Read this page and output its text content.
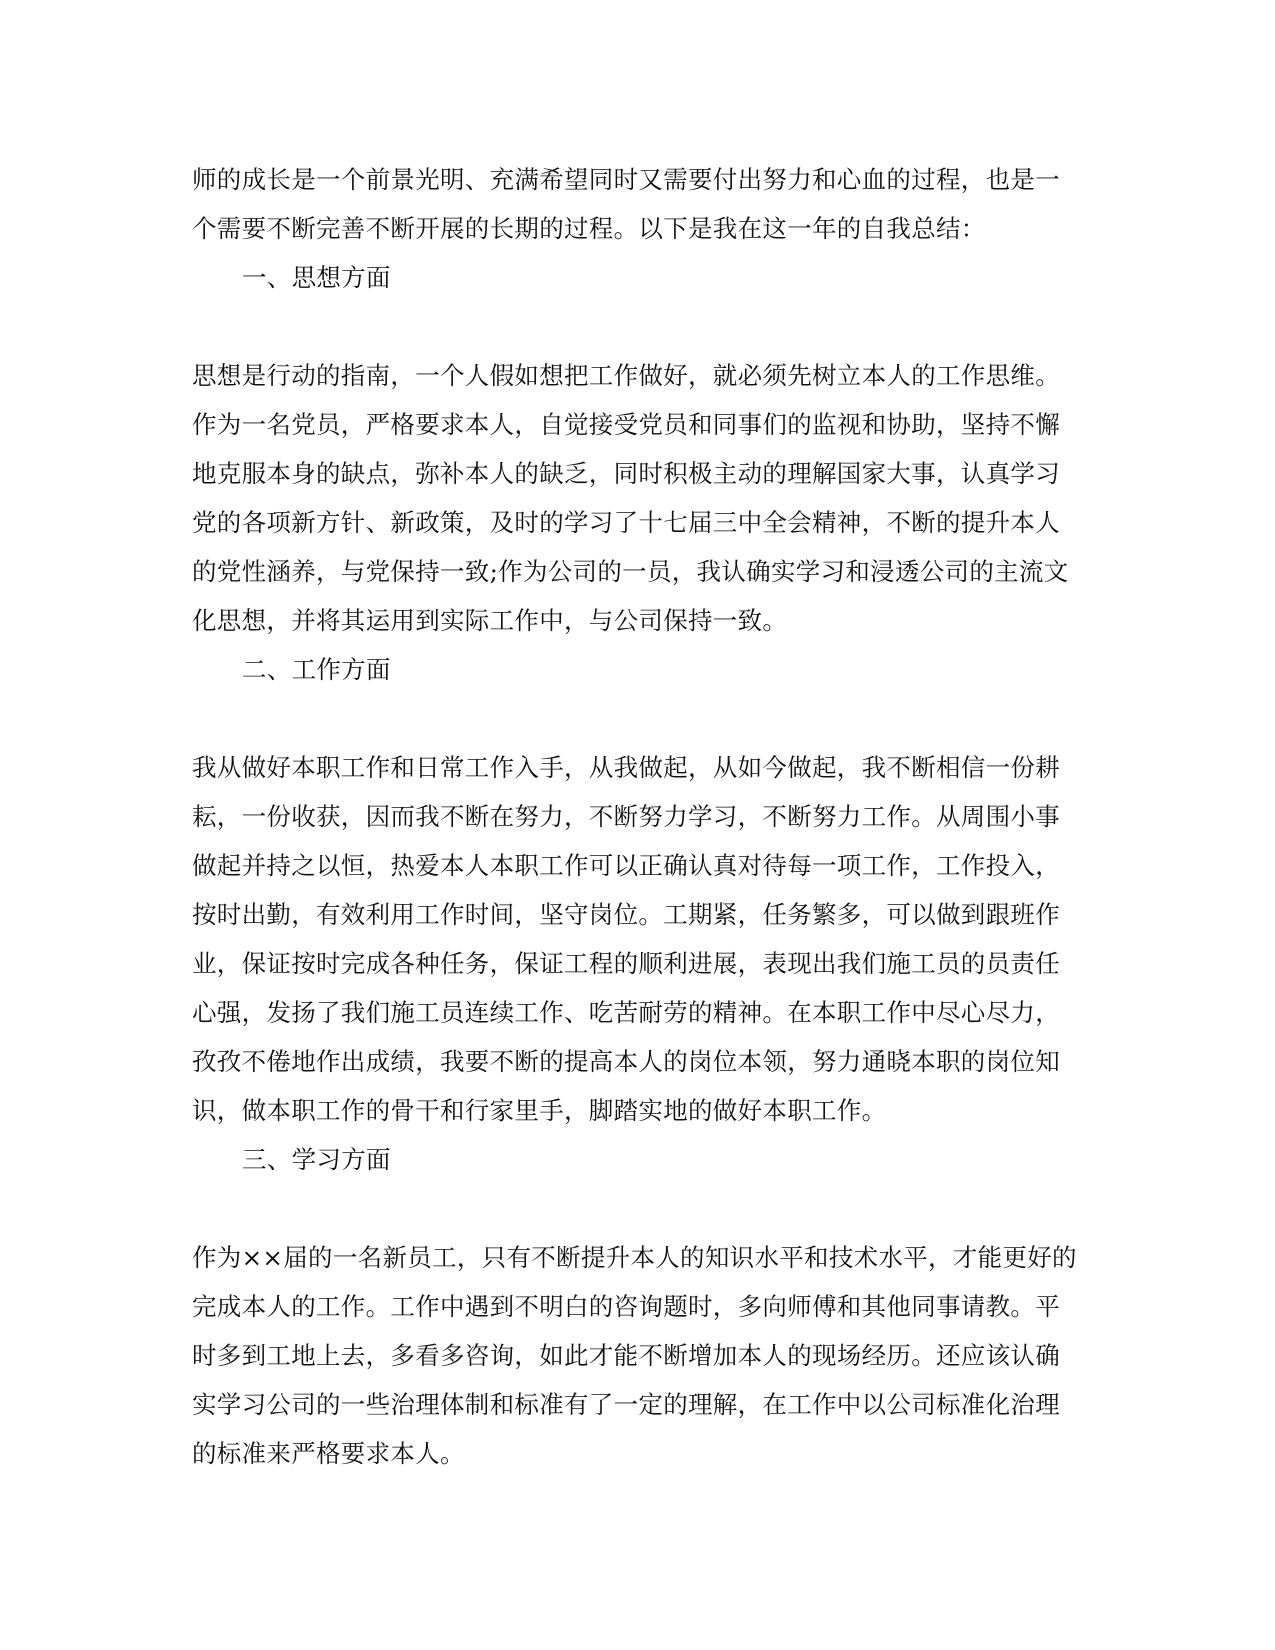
师的成长是一个前景光明、充满希望同时又需要付出努力和心血的过程，也是一
个需要不断完善不断开展的长期的过程。以下是我在这一年的自我总结：
一、思想方面
思想是行动的指南，一个人假如想把工作做好，就必须先树立本人的工作思维。
作为一名党员，严格要求本人，自觉接受党员和同事们的监视和协助，坚持不懈
地克服本身的缺点，弥补本人的缺乏，同时积极主动的理解国家大事，认真学习
党的各项新方针、新政策，及时的学习了十七届三中全会精神，不断的提升本人
的党性涵养，与党保持一致;作为公司的一员，我认确实学习和浸透公司的主流文
化思想，并将其运用到实际工作中，与公司保持一致。
二、工作方面
我从做好本职工作和日常工作入手，从我做起，从如今做起，我不断相信一份耕
耘，一份收获，因而我不断在努力，不断努力学习，不断努力工作。从周围小事
做起并持之以恒，热爱本人本职工作可以正确认真对待每一项工作，工作投入，
按时出勤，有效利用工作时间，坚守岗位。工期紧，任务繁多，可以做到跟班作
业，保证按时完成各种任务，保证工程的顺利进展，表现出我们施工员的员责任
心强，发扬了我们施工员连续工作、吃苦耐劳的精神。在本职工作中尽心尽力，
孜孜不倦地作出成绩，我要不断的提高本人的岗位本领，努力通晓本职的岗位知
识，做本职工作的骨干和行家里手，脚踏实地的做好本职工作。
三、学习方面
作为××届的一名新员工，只有不断提升本人的知识水平和技术水平，才能更好的
完成本人的工作。工作中遇到不明白的咨询题时，多向师傅和其他同事请教。平
时多到工地上去，多看多咨询，如此才能不断增加本人的现场经历。还应该认确
实学习公司的一些治理体制和标准有了一定的理解，在工作中以公司标准化治理
的标准来严格要求本人。
